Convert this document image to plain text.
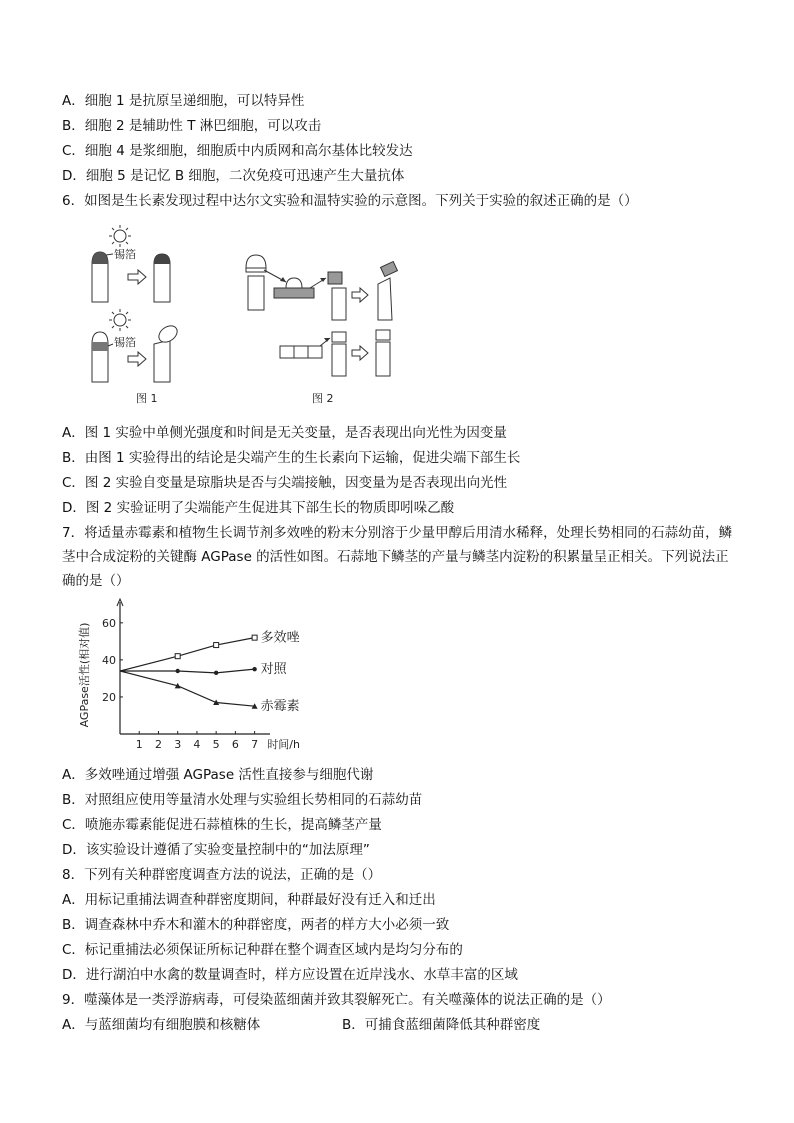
A．细胞 1 是抗原呈递细胞，可以特异性
B．细胞 2 是辅助性 T 淋巴细胞，可以攻击
C．细胞 4 是浆细胞，细胞质中内质网和高尔基体比较发达
D．细胞 5 是记忆 B 细胞，二次免疫可迅速产生大量抗体
6．如图是生长素发现过程中达尔文实验和温特实验的示意图。下列关于实验的叙述正确的是（）
锡箔
锡箔
图 1	图 2
A．图 1 实验中单侧光强度和时间是无关变量，是否表现出向光性为因变量
B．由图 1 实验得出的结论是尖端产生的生长素向下运输，促进尖端下部生长
C．图 2 实验自变量是琼脂块是否与尖端接触，因变量为是否表现出向光性
D．图 2 实验证明了尖端能产生促进其下部生长的物质即吲哚乙酸
7．将适量赤霉素和植物生长调节剂多效唑的粉末分别溶于少量甲醇后用清水稀释，处理长势相同的石蒜幼苗，鳞茎中合成淀粉的关键酶 AGPase 的活性如图。石蒜地下鳞茎的产量与鳞茎内淀粉的积累量呈正相关。下列说法正确的是（）
1 2 3 4 5 6 7
20
40
60
时间/h
AGPase活性(相对值)	多效唑
对照
赤霉素
A．多效唑通过增强 AGPase 活性直接参与细胞代谢
B．对照组应使用等量清水处理与实验组长势相同的石蒜幼苗
C．喷施赤霉素能促进石蒜植株的生长，提高鳞茎产量
D．该实验设计遵循了实验变量控制中的“加法原理”
8．下列有关种群密度调查方法的说法，正确的是（）
A．用标记重捕法调查种群密度期间，种群最好没有迁入和迁出
B．调查森林中乔木和灌木的种群密度，两者的样方大小必须一致
C．标记重捕法必须保证所标记种群在整个调查区域内是均匀分布的
D．进行湖泊中水禽的数量调查时，样方应设置在近岸浅水、水草丰富的区域
9．噬藻体是一类浮游病毒，可侵染蓝细菌并致其裂解死亡。有关噬藻体的说法正确的是（）
A．与蓝细菌均有细胞膜和核糖体	B．可捕食蓝细菌降低其种群密度
